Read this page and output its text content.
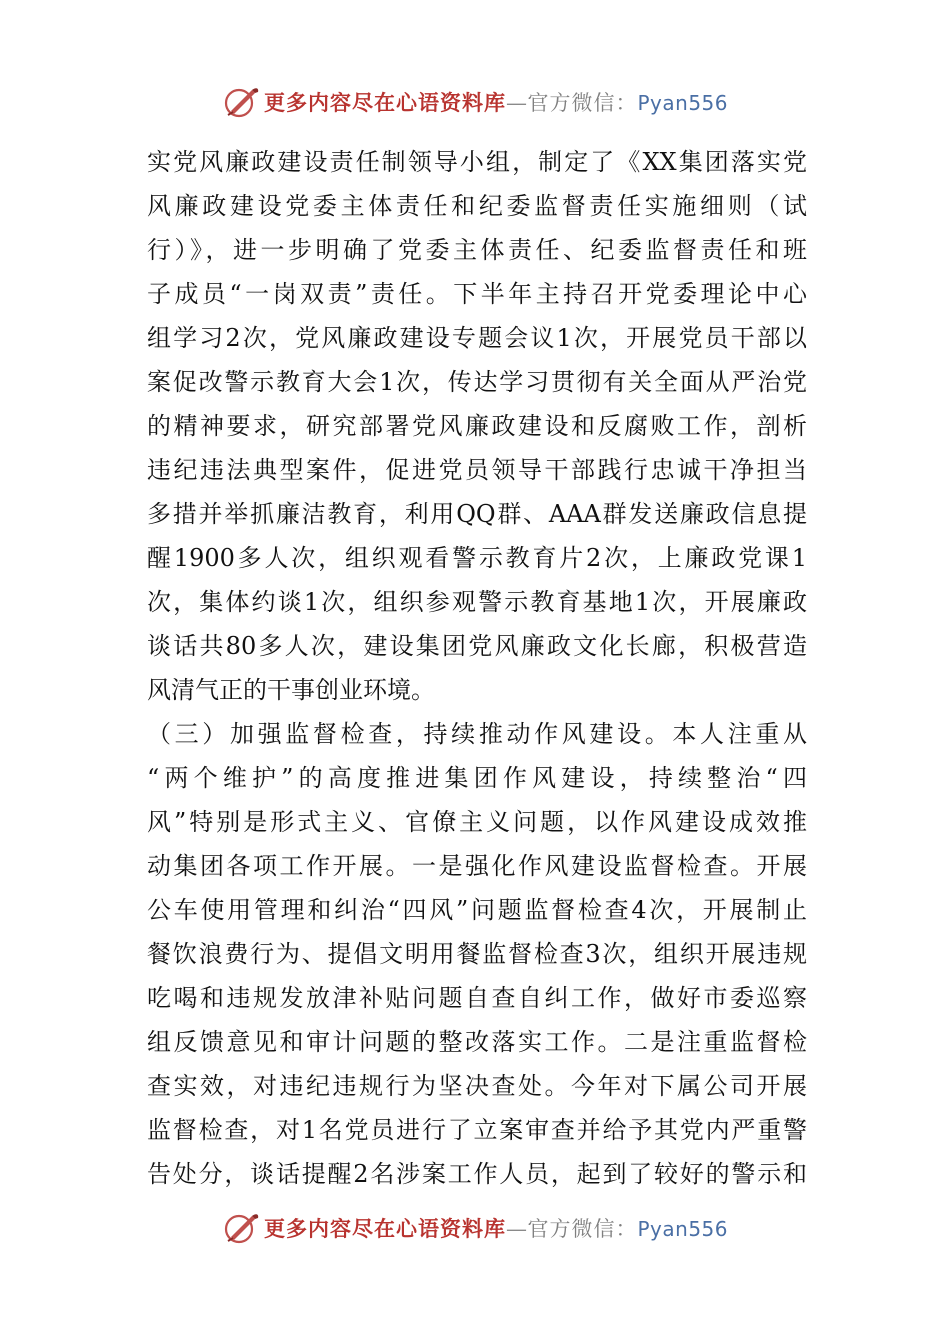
更多内容尽在心语资料库—官方微信：Pyan556
实党风廉政建设责任制领导小组，制定了《XX集团落实党
风廉政建设党委主体责任和纪委监督责任实施细则（试
行）》，进一步明确了党委主体责任、纪委监督责任和班
子成员“一岗双责”责任。下半年主持召开党委理论中心
组学习2次，党风廉政建设专题会议1次，开展党员干部以
案促改警示教育大会1次，传达学习贯彻有关全面从严治党
的精神要求，研究部署党风廉政建设和反腐败工作，剖析
违纪违法典型案件，促进党员领导干部践行忠诚干净担当
多措并举抓廉洁教育，利用QQ群、AAA群发送廉政信息提
醒1900多人次，组织观看警示教育片2次，上廉政党课1
次，集体约谈1次，组织参观警示教育基地1次，开展廉政
谈话共80多人次，建设集团党风廉政文化长廊，积极营造
风清气正的干事创业环境。
（三）加强监督检查，持续推动作风建设。本人注重从
“两个维护”的高度推进集团作风建设，持续整治“四
风”特别是形式主义、官僚主义问题，以作风建设成效推
动集团各项工作开展。一是强化作风建设监督检查。开展
公车使用管理和纠治“四风”问题监督检查4次，开展制止
餐饮浪费行为、提倡文明用餐监督检查3次，组织开展违规
吃喝和违规发放津补贴问题自查自纠工作，做好市委巡察
组反馈意见和审计问题的整改落实工作。二是注重监督检
查实效，对违纪违规行为坚决查处。今年对下属公司开展
监督检查，对1名党员进行了立案审查并给予其党内严重警
告处分，谈话提醒2名涉案工作人员，起到了较好的警示和
更多内容尽在心语资料库—官方微信：Pyan556
